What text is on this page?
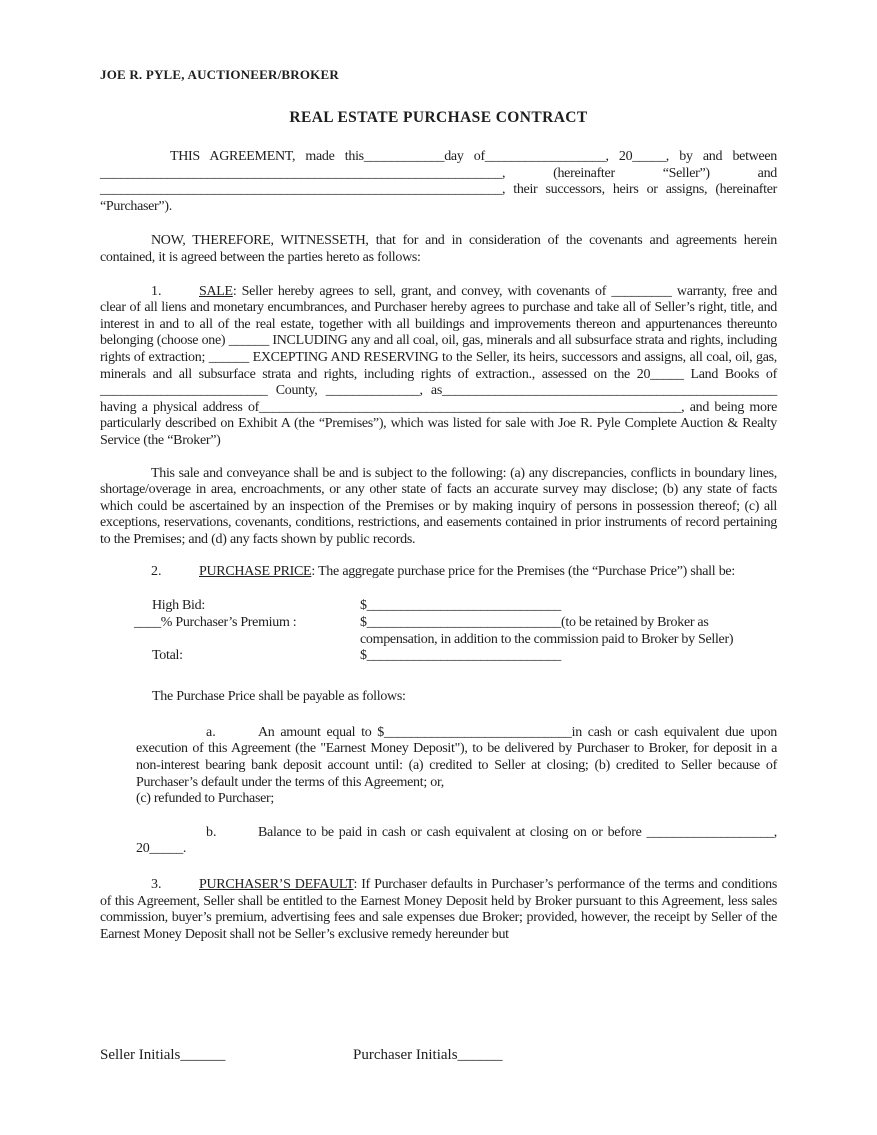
JOE R. PYLE, AUCTIONEER/BROKER
REAL ESTATE PURCHASE CONTRACT

THIS AGREEMENT, made this____________day of__________________, 20_____, by and between ____________________________________________________________, (hereinafter “Seller”) and ____________________________________________________________, their successors, heirs or assigns, (hereinafter “Purchaser”).

NOW, THEREFORE, WITNESSETH, that for and in consideration of the covenants and agreements herein contained, it is agreed between the parties hereto as follows:

1.	SALE: Seller hereby agrees to sell, grant, and convey, with covenants of _________ warranty, free and clear of all liens and monetary encumbrances, and Purchaser hereby agrees to purchase and take all of Seller’s right, title, and interest in and to all of the real estate, together with all buildings and improvements thereon and appurtenances thereunto belonging (choose one) ______ INCLUDING any and all coal, oil, gas, minerals and all subsurface strata and rights, including rights of extraction; ______ EXCEPTING AND RESERVING to the Seller, its heirs, successors and assigns, all coal, oil, gas, minerals and all subsurface strata and rights, including rights of extraction., assessed on the 20_____ Land Books of _________________________ County, ______________, as__________________________________________________ having a physical address of_______________________________________________________________, and being more particularly described on Exhibit A (the “Premises”), which was listed for sale with Joe R. Pyle Complete Auction & Realty Service (the “Broker”)

This sale and conveyance shall be and is subject to the following: (a) any discrepancies, conflicts in boundary lines, shortage/overage in area, encroachments, or any other state of facts an accurate survey may disclose; (b) any state of facts which could be ascertained by an inspection of the Premises or by making inquiry of persons in possession thereof; (c) all exceptions, reservations, covenants, conditions, restrictions, and easements contained in prior instruments of record pertaining to the Premises; and (d) any facts shown by public records.

2.	PURCHASE PRICE: The aggregate purchase price for the Premises (the “Purchase Price”) shall be:

High Bid:	$_____________________________
____% Purchaser’s Premium :	$_____________________________(to be retained by Broker as compensation, in addition to the commission paid to Broker by Seller)
Total:	$_____________________________

The Purchase Price shall be payable as follows:

a.	An amount equal to $____________________________in cash or cash equivalent due upon execution of this Agreement (the "Earnest Money Deposit"), to be delivered by Purchaser to Broker, for deposit in a non-interest bearing bank deposit account until: (a) credited to Seller at closing; (b) credited to Seller because of Purchaser’s default under the terms of this Agreement; or,

(c) refunded to Purchaser;

b.	Balance to be paid in cash or cash equivalent at closing on or before ___________________, 20_____.

3.	PURCHASER’S DEFAULT: If Purchaser defaults in Purchaser’s performance of the terms and conditions of this Agreement, Seller shall be entitled to the Earnest Money Deposit held by Broker pursuant to this Agreement, less sales commission, buyer’s premium, advertising fees and sale expenses due Broker; provided, however, the receipt by Seller of the Earnest Money Deposit shall not be Seller’s exclusive remedy hereunder but

Seller Initials______	Purchaser Initials______
